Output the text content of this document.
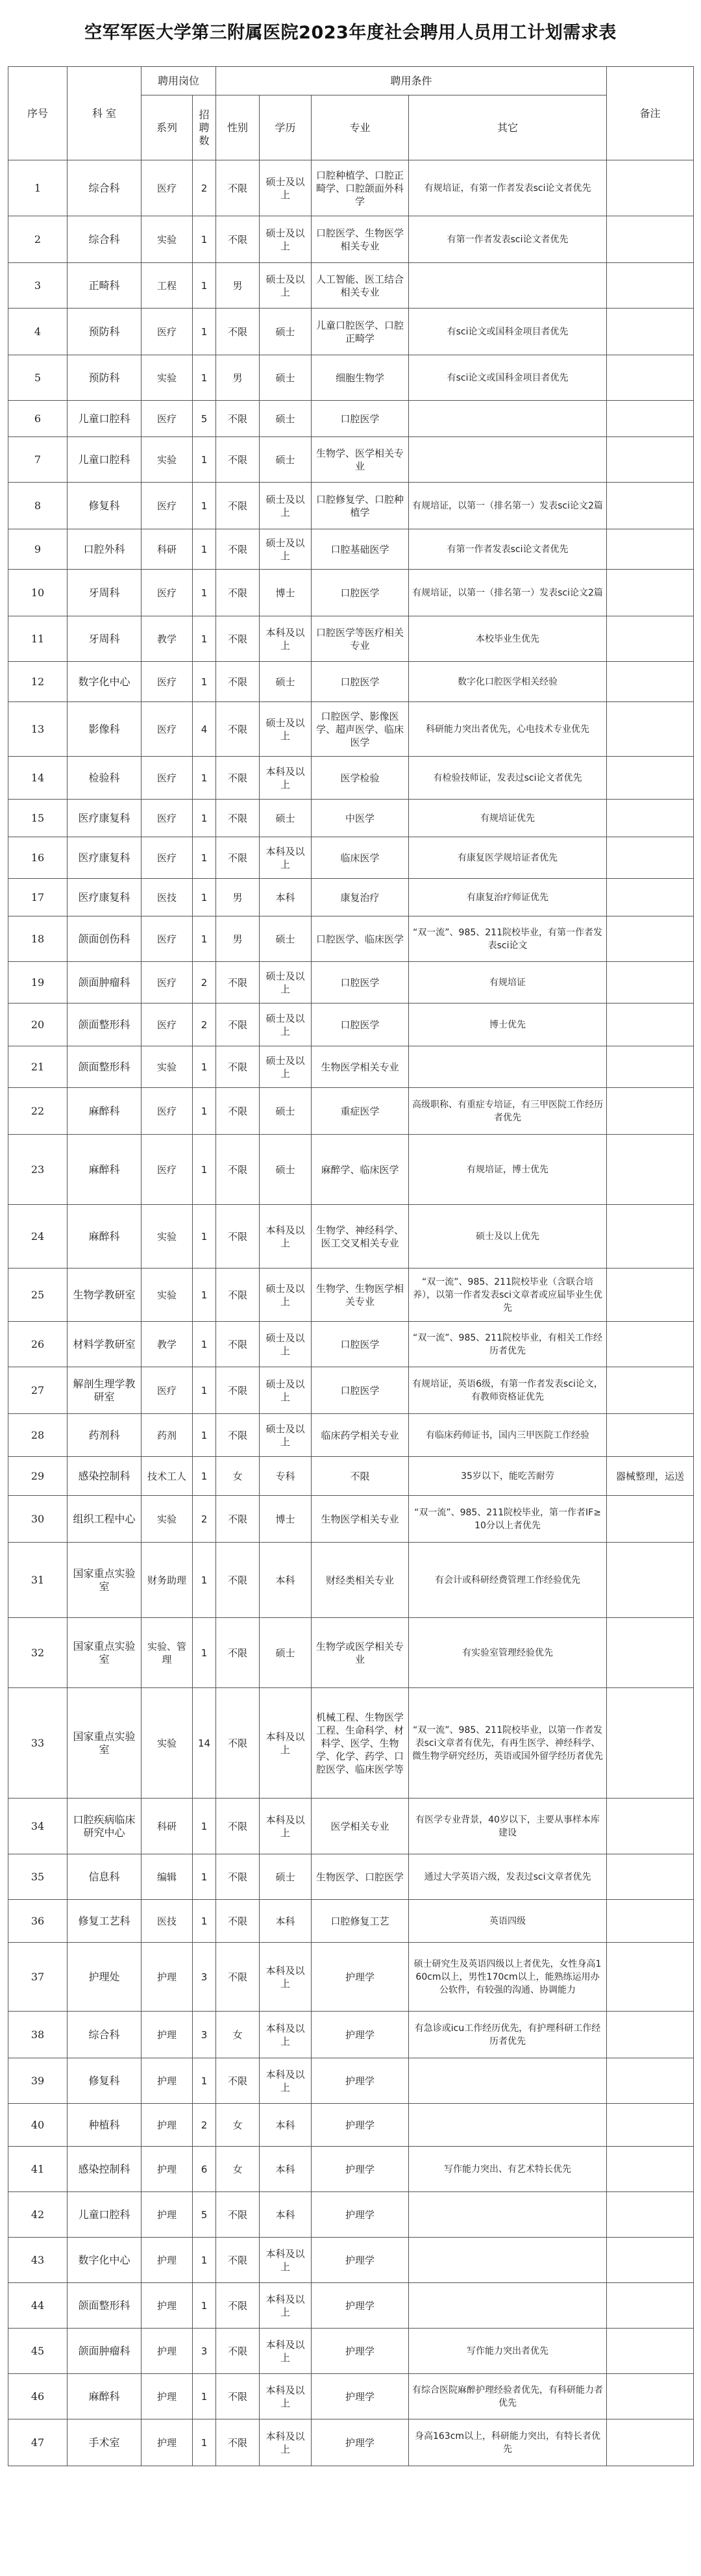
空军军医大学第三附属医院2023年度社会聘用人员用工计划需求表
序号	科 室	聘用岗位		聘用条件				备注
		系列	招聘数	性别	学历	专业	其它	
1	综合科	医疗	2	不限	硕士及以上	口腔种植学、口腔正畸学、口腔颌面外科学	有规培证，有第一作者发表sci论文者优先	
2	综合科	实验	1	不限	硕士及以上	口腔医学、生物医学相关专业	有第一作者发表sci论文者优先	
3	正畸科	工程	1	男	硕士及以上	人工智能、医工结合相关专业		
4	预防科	医疗	1	不限	硕士	儿童口腔医学、口腔正畸学	有sci论文或国科金项目者优先	
5	预防科	实验	1	男	硕士	细胞生物学	有sci论文或国科金项目者优先	
6	儿童口腔科	医疗	5	不限	硕士	口腔医学		
7	儿童口腔科	实验	1	不限	硕士	生物学、医学相关专业		
8	修复科	医疗	1	不限	硕士及以上	口腔修复学、口腔种植学	有规培证，以第一（排名第一）发表sci论文2篇	
9	口腔外科	科研	1	不限	硕士及以上	口腔基础医学	有第一作者发表sci论文者优先	
10	牙周科	医疗	1	不限	博士	口腔医学	有规培证，以第一（排名第一）发表sci论文2篇	
11	牙周科	教学	1	不限	本科及以上	口腔医学等医疗相关专业	本校毕业生优先	
12	数字化中心	医疗	1	不限	硕士	口腔医学	数字化口腔医学相关经验	
13	影像科	医疗	4	不限	硕士及以上	口腔医学、影像医学、超声医学、临床医学	科研能力突出者优先，心电技术专业优先	
14	检验科	医疗	1	不限	本科及以上	医学检验	有检验技师证，发表过sci论文者优先	
15	医疗康复科	医疗	1	不限	硕士	中医学	有规培证优先	
16	医疗康复科	医疗	1	不限	本科及以上	临床医学	有康复医学规培证者优先	
17	医疗康复科	医技	1	男	本科	康复治疗	有康复治疗师证优先	
18	颌面创伤科	医疗	1	男	硕士	口腔医学、临床医学	“双一流”、985、211院校毕业，有第一作者发表sci论文	
19	颌面肿瘤科	医疗	2	不限	硕士及以上	口腔医学	有规培证	
20	颌面整形科	医疗	2	不限	硕士及以上	口腔医学	博士优先	
21	颌面整形科	实验	1	不限	硕士及以上	生物医学相关专业		
22	麻醉科	医疗	1	不限	硕士	重症医学	高级职称、有重症专培证，有三甲医院工作经历者优先	
23	麻醉科	医疗	1	不限	硕士	麻醉学、临床医学	有规培证，博士优先	
24	麻醉科	实验	1	不限	本科及以上	生物学、神经科学、医工交叉相关专业	硕士及以上优先	
25	生物学教研室	实验	1	不限	硕士及以上	生物学、生物医学相关专业	“双一流”、985、211院校毕业（含联合培养），以第一作者发表sci文章者或应届毕业生优先	
26	材料学教研室	教学	1	不限	硕士及以上	口腔医学	“双一流”、985、211院校毕业，有相关工作经历者优先	
27	解剖生理学教研室	医疗	1	不限	硕士及以上	口腔医学	有规培证，英语6级，有第一作者发表sci论文，有教师资格证优先	
28	药剂科	药剂	1	不限	硕士及以上	临床药学相关专业	有临床药师证书，国内三甲医院工作经验	
29	感染控制科	技术工人	1	女	专科	不限	35岁以下，能吃苦耐劳	器械整理，运送
30	组织工程中心	实验	2	不限	博士	生物医学相关专业	“双一流”、985、211院校毕业，第一作者IF≥10分以上者优先	
31	国家重点实验室	财务助理	1	不限	本科	财经类相关专业	有会计或科研经费管理工作经验优先	
32	国家重点实验室	实验、管理	1	不限	硕士	生物学或医学相关专业	有实验室管理经验优先	
33	国家重点实验室	实验	14	不限	本科及以上	机械工程、生物医学工程、生命科学、材料学、医学、生物学、化学、药学、口腔医学、临床医学等	“双一流”、985、211院校毕业，以第一作者发表sci文章者有优先，有再生医学、神经科学、微生物学研究经历，英语或国外留学经历者优先	
34	口腔疾病临床研究中心	科研	1	不限	本科及以上	医学相关专业	有医学专业背景，40岁以下，主要从事样本库建设	
35	信息科	编辑	1	不限	硕士	生物医学、口腔医学	通过大学英语六级，发表过sci文章者优先	
36	修复工艺科	医技	1	不限	本科	口腔修复工艺	英语四级	
37	护理处	护理	3	不限	本科及以上	护理学	硕士研究生及英语四级以上者优先，女性身高160cm以上，男性170cm以上，能熟练运用办公软件，有较强的沟通、协调能力	
38	综合科	护理	3	女	本科及以上	护理学	有急诊或icu工作经历优先，有护理科研工作经历者优先	
39	修复科	护理	1	不限	本科及以上	护理学		
40	种植科	护理	2	女	本科	护理学		
41	感染控制科	护理	6	女	本科	护理学	写作能力突出、有艺术特长优先	
42	儿童口腔科	护理	5	不限	本科	护理学		
43	数字化中心	护理	1	不限	本科及以上	护理学		
44	颌面整形科	护理	1	不限	本科及以上	护理学		
45	颌面肿瘤科	护理	3	不限	本科及以上	护理学	写作能力突出者优先	
46	麻醉科	护理	1	不限	本科及以上	护理学	有综合医院麻醉护理经验者优先，有科研能力者优先	
47	手术室	护理	1	不限	本科及以上	护理学	身高163cm以上，科研能力突出，有特长者优先	
